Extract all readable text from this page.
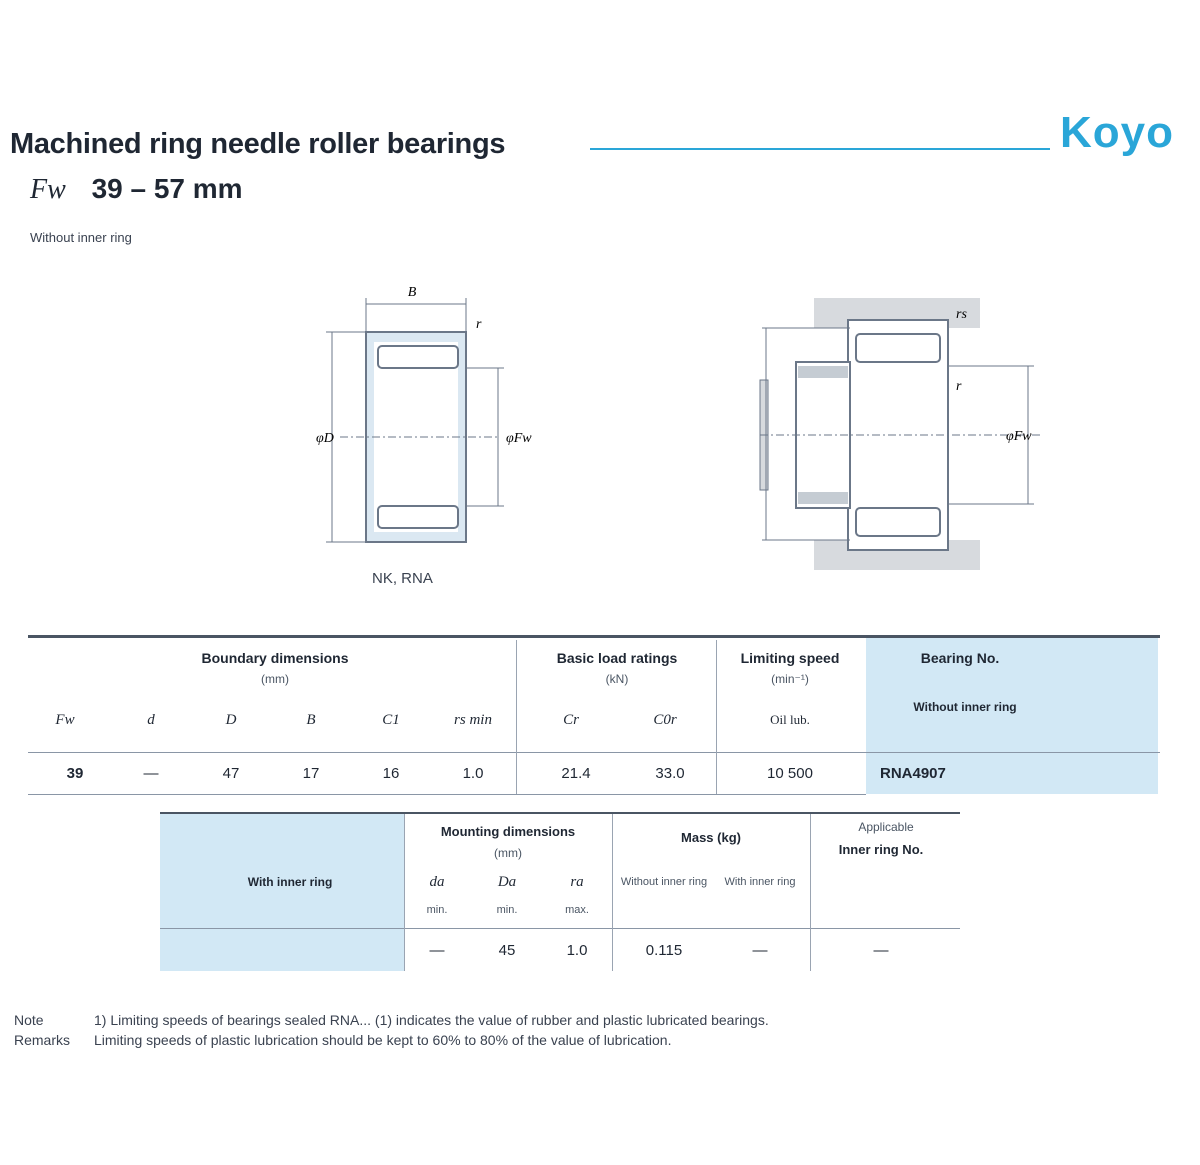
Machined ring needle roller bearings	Koyo
Fw 39 – 57 mm
Without inner ring
B
r
φD	φFw
NK, RNA
rs
r
φFw
Boundary dimensions
(mm)
Basic load ratings
(kN)
Limiting speed
(min⁻¹)
Bearing No.
Without inner ring
Fw	d	D	B	C1	rs min	Cr	C0r	Oil lub.
39	—	47	17	16	1.0	21.4	33.0	10 500	RNA4907
With inner ring
Mounting dimensions
(mm)
Mass (kg)
Applicable
Inner ring No.
da	Da	ra
min.	min.	max.
Without inner ring	With inner ring
—	45	1.0	0.115	—	—
Note	1) Limiting speeds of bearings sealed RNA... (1) indicates the value of rubber and plastic lubricated bearings.
Remarks Limiting speeds of plastic lubrication should be kept to 60% to 80% of the value of lubrication.
